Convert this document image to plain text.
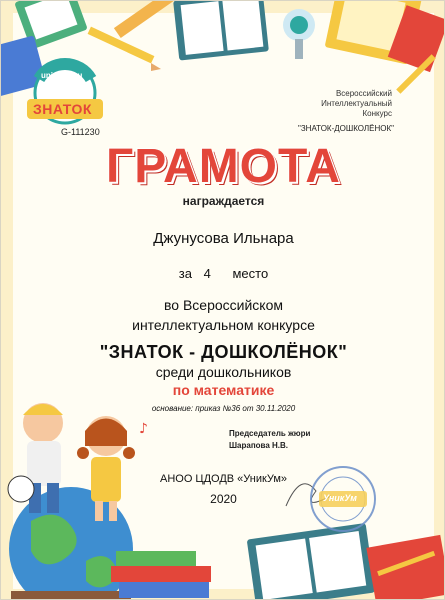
♪
УникУм
unic-um.ru
ЗНАТОК
G-111230
Всероссийский
Интеллектуальный
Конкурс
"ЗНАТОК-ДОШКОЛЁНОК"
ГРАМОТА
награждается
Джунусова Ильнара
за 4 место
во Всероссийском
интеллектуальном конкурсе
"ЗНАТОК - ДОШКОЛЁНОК"
среди дошкольников
по математике
основание: приказ №36 от 30.11.2020
Председатель жюри
Шарапова Н.В.
АНОО ЦДОДВ «УникУм»
2020
